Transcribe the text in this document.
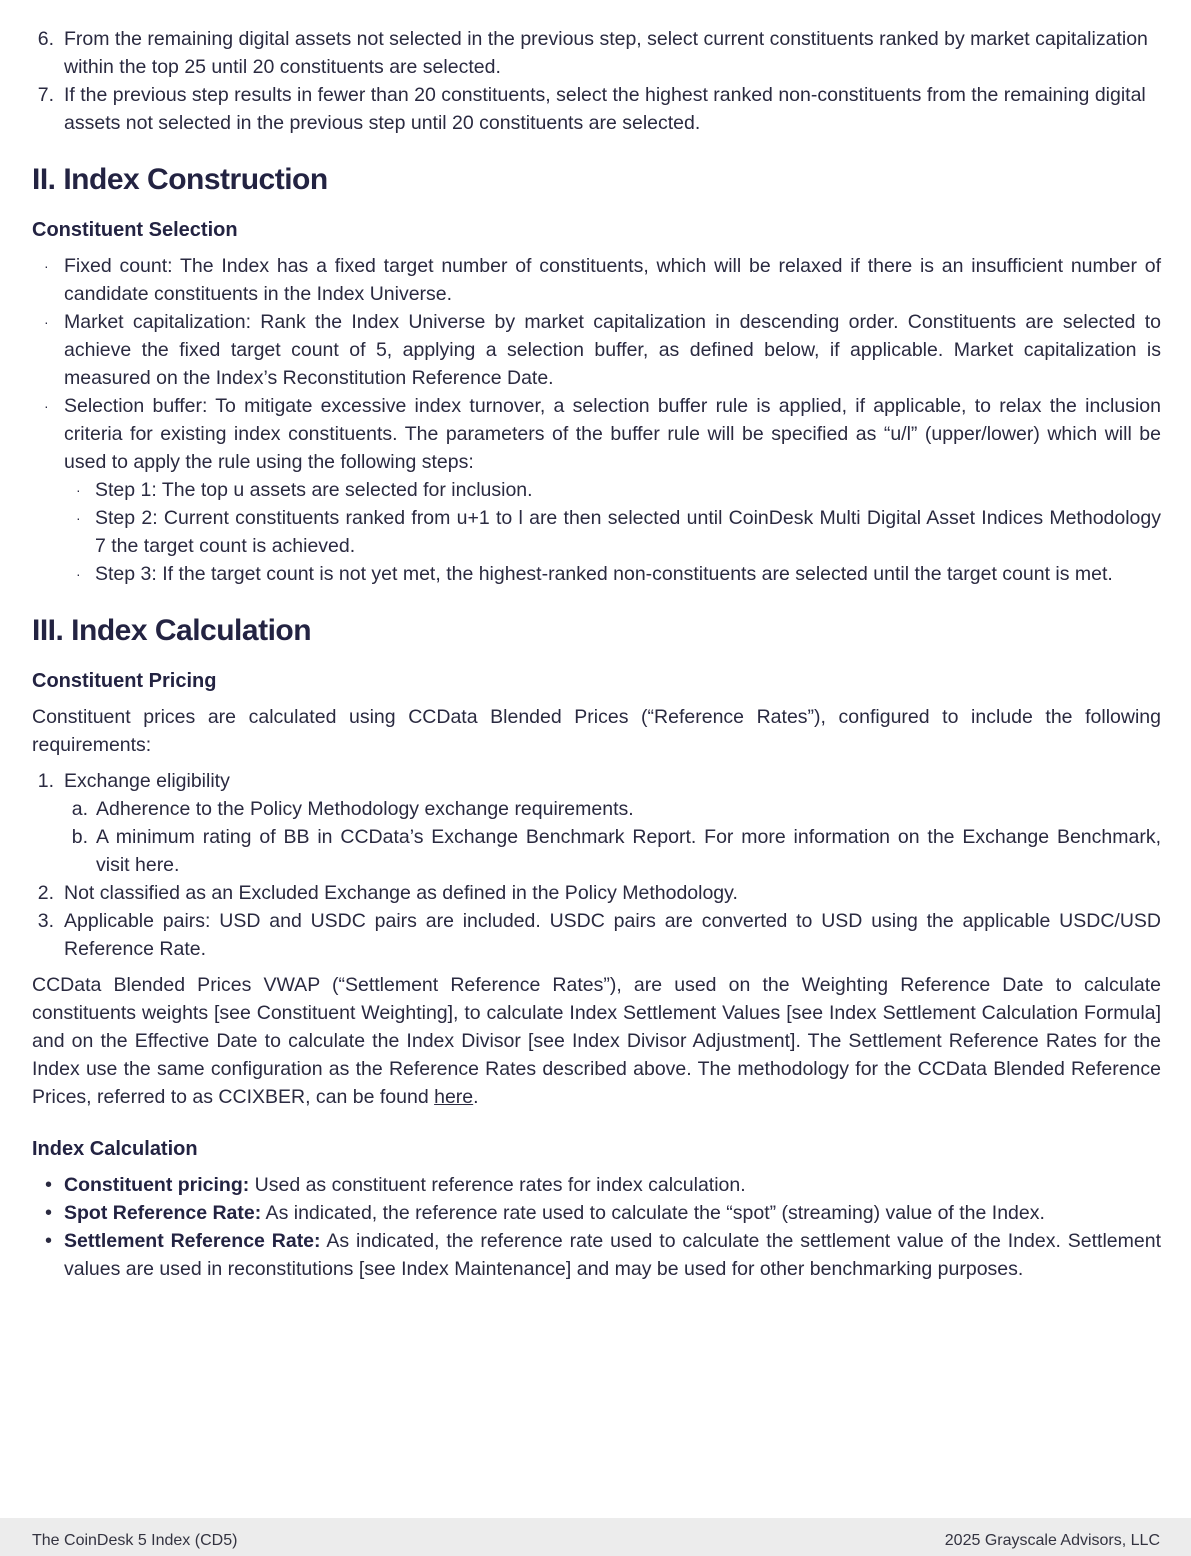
6. From the remaining digital assets not selected in the previous step, select current constituents ranked by market capitalization within the top 25 until 20 constituents are selected.
7. If the previous step results in fewer than 20 constituents, select the highest ranked non-constituents from the remaining digital assets not selected in the previous step until 20 constituents are selected.
II. Index Construction
Constituent Selection
· Fixed count: The Index has a fixed target number of constituents, which will be relaxed if there is an insufficient number of candidate constituents in the Index Universe.
· Market capitalization: Rank the Index Universe by market capitalization in descending order. Constituents are selected to achieve the fixed target count of 5, applying a selection buffer, as defined below, if applicable. Market capitalization is measured on the Index’s Reconstitution Reference Date.
· Selection buffer: To mitigate excessive index turnover, a selection buffer rule is applied, if applicable, to relax the inclusion criteria for existing index constituents. The parameters of the buffer rule will be specified as “u/l” (upper/lower) which will be used to apply the rule using the following steps:
· Step 1: The top u assets are selected for inclusion.
· Step 2: Current constituents ranked from u+1 to l are then selected until CoinDesk Multi Digital Asset Indices Methodology 7 the target count is achieved.
· Step 3: If the target count is not yet met, the highest-ranked non-constituents are selected until the target count is met.
III. Index Calculation
Constituent Pricing

Constituent prices are calculated using CCData Blended Prices (“Reference Rates”), configured to include the following requirements:

1. Exchange eligibility
a. Adherence to the Policy Methodology exchange requirements.
b. A minimum rating of BB in CCData’s Exchange Benchmark Report. For more information on the Exchange Benchmark, visit here.
2. Not classified as an Excluded Exchange as defined in the Policy Methodology.
3. Applicable pairs: USD and USDC pairs are included. USDC pairs are converted to USD using the applicable USDC/USD Reference Rate.

CCData Blended Prices VWAP (“Settlement Reference Rates”), are used on the Weighting Reference Date to calculate constituents weights [see Constituent Weighting], to calculate Index Settlement Values [see Index Settlement Calculation Formula] and on the Effective Date to calculate the Index Divisor [see Index Divisor Adjustment]. The Settlement Reference Rates for the Index use the same configuration as the Reference Rates described above. The methodology for the CCData Blended Reference Prices, referred to as CCIXBER, can be found here.

Index Calculation
• Constituent pricing: Used as constituent reference rates for index calculation.
• Spot Reference Rate: As indicated, the reference rate used to calculate the “spot” (streaming) value of the Index.
• Settlement Reference Rate: As indicated, the reference rate used to calculate the settlement value of the Index. Settlement values are used in reconstitutions [see Index Maintenance] and may be used for other benchmarking purposes.
The CoinDesk 5 Index (CD5)	2025 Grayscale Advisors, LLC
